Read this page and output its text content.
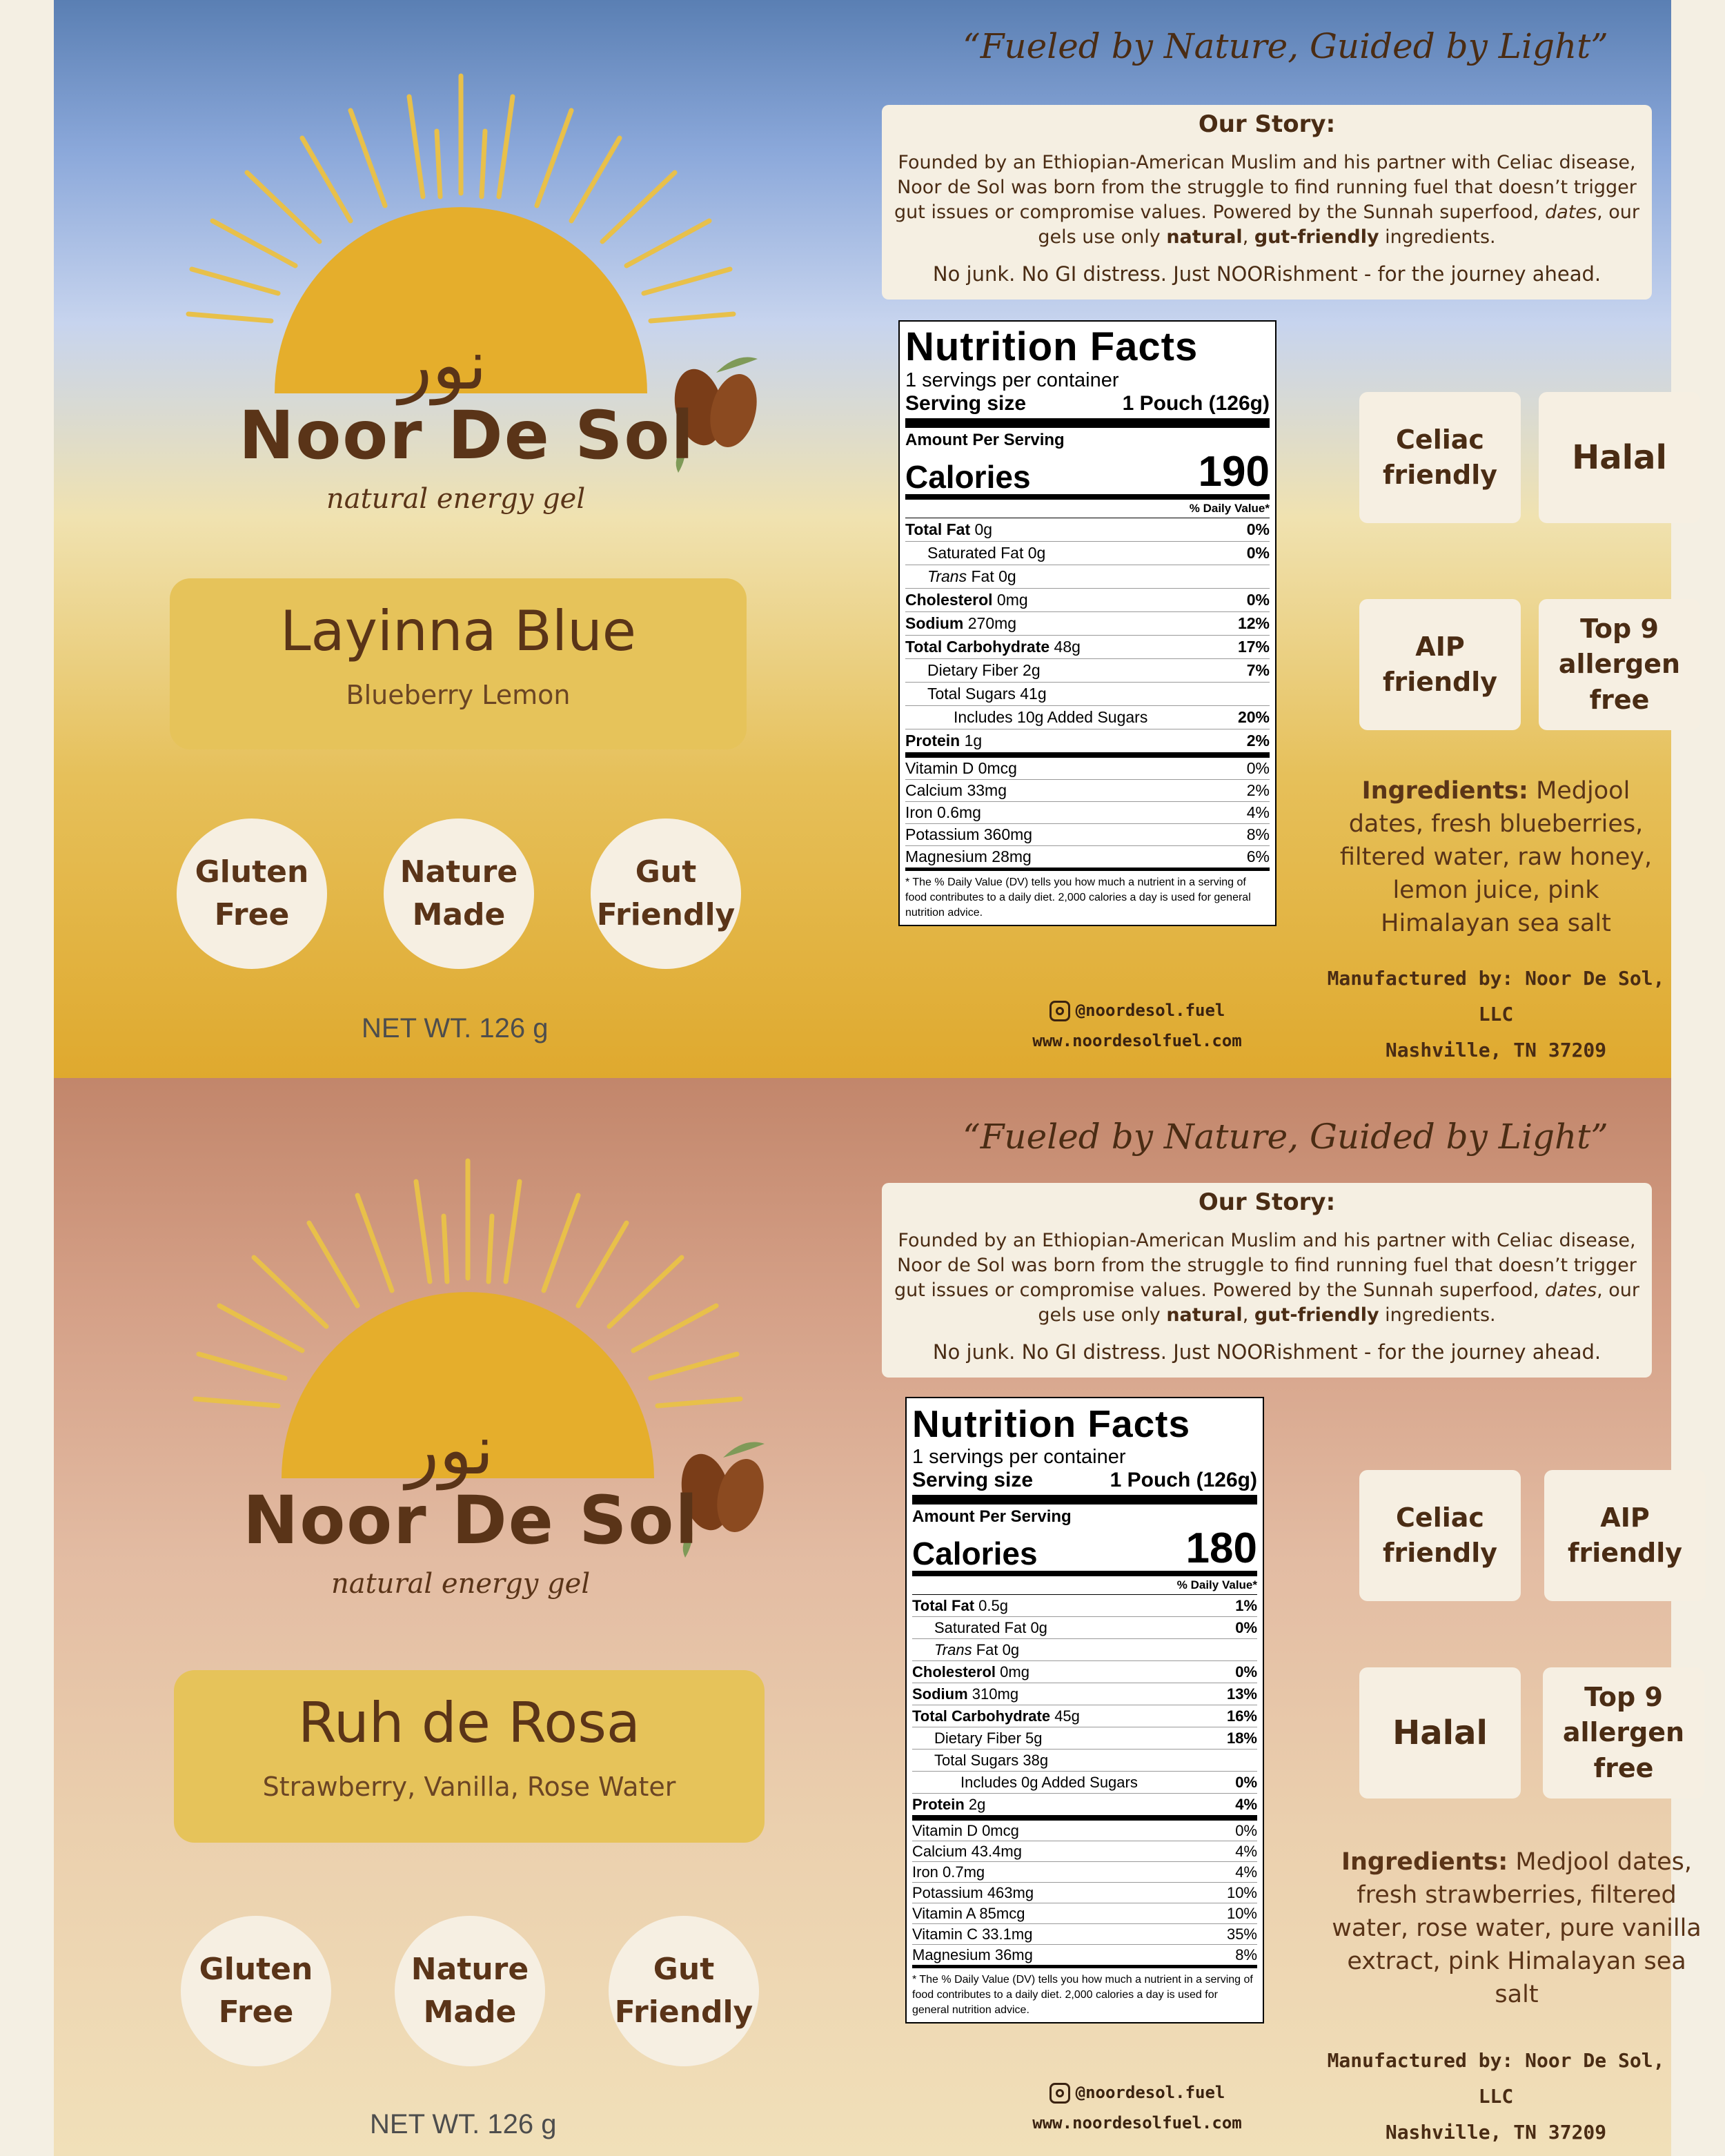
نور
Noor De Sol
natural energy gel
Layinna Blue
Blueberry Lemon
Gluten
Free
Nature
Made
Gut
Friendly
NET WT. 126 g
“Fueled by Nature, Guided by Light”
Our Story:
Founded by an Ethiopian-American Muslim and his partner with Celiac disease, Noor de Sol was born from the struggle to find running fuel that doesn’t trigger gut issues or compromise values. Powered by the Sunnah superfood, dates, our gels use only natural, gut-friendly ingredients.
No junk. No GI distress. Just NOORishment - for the journey ahead.
Nutrition Facts
1 servings per container
Serving size	1 Pouch (126g)
Amount Per Serving
Calories	190
% Daily Value*
Total Fat 0g	0%
Saturated Fat 0g	0%
Trans Fat 0g
Cholesterol 0mg	0%
Sodium 270mg	12%
Total Carbohydrate 48g	17%
Dietary Fiber 2g	7%
Total Sugars 41g
Includes 10g Added Sugars	20%
Protein 1g	2%
Vitamin D 0mcg	0%
Calcium 33mg	2%
Iron 0.6mg	4%
Potassium 360mg	8%
Magnesium 28mg	6%
* The % Daily Value (DV) tells you how much a nutrient in a serving of food contributes to a daily diet. 2,000 calories a day is used for general nutrition advice.
Celiac friendly	Halal
AIP friendly
Top 9 allergen free
Ingredients: Medjool dates, fresh blueberries, filtered water, raw honey, lemon juice, pink Himalayan sea salt
Manufactured by: Noor De Sol, LLC
Nashville, TN 37209
@noordesol.fuel
www.noordesolfuel.com
نور
Noor De Sol
natural energy gel
Ruh de Rosa
Strawberry, Vanilla, Rose Water
Gluten
Free
Nature
Made
Gut
Friendly
NET WT. 126 g
“Fueled by Nature, Guided by Light”
Our Story:
Founded by an Ethiopian-American Muslim and his partner with Celiac disease, Noor de Sol was born from the struggle to find running fuel that doesn’t trigger gut issues or compromise values. Powered by the Sunnah superfood, dates, our gels use only natural, gut-friendly ingredients.
No junk. No GI distress. Just NOORishment - for the journey ahead.
Nutrition Facts
1 servings per container
Serving size	1 Pouch (126g)
Amount Per Serving
Calories	180
% Daily Value*
Total Fat 0.5g	1%
Saturated Fat 0g	0%
Trans Fat 0g
Cholesterol 0mg	0%
Sodium 310mg	13%
Total Carbohydrate 45g	16%
Dietary Fiber 5g	18%
Total Sugars 38g
Includes 0g Added Sugars	0%
Protein 2g	4%
Vitamin D 0mcg	0%
Calcium 43.4mg	4%
Iron 0.7mg	4%
Potassium 463mg	10%
Vitamin A 85mcg	10%
Vitamin C 33.1mg	35%
Magnesium 36mg	8%
* The % Daily Value (DV) tells you how much a nutrient in a serving of food contributes to a daily diet. 2,000 calories a day is used for general nutrition advice.
Celiac friendly
AIP friendly
Halal
Top 9 allergen free
Ingredients: Medjool dates, fresh strawberries, filtered water, rose water, pure vanilla extract, pink Himalayan sea salt
Manufactured by: Noor De Sol, LLC
Nashville, TN 37209
@noordesol.fuel
www.noordesolfuel.com
